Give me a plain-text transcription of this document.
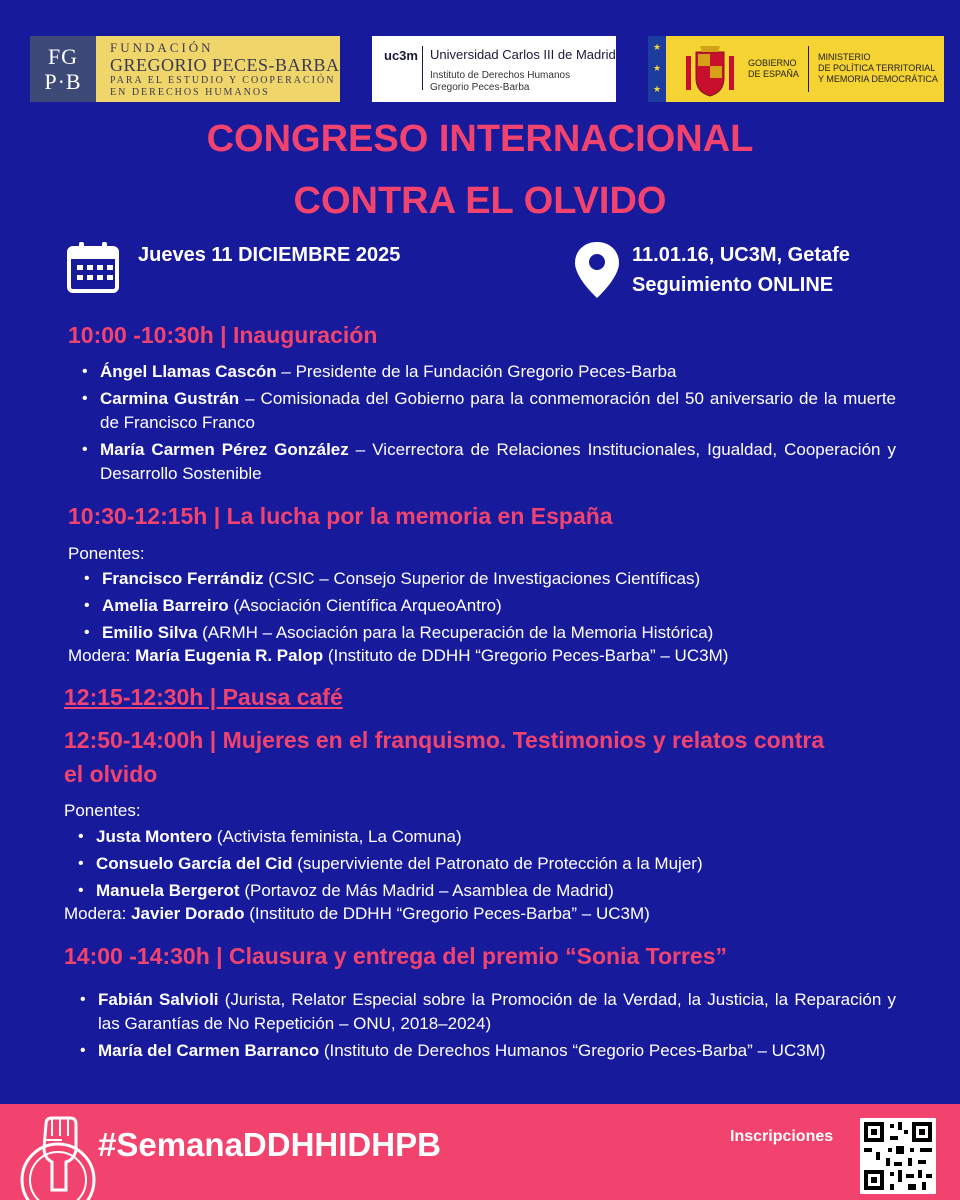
FG
P·B
FUNDACIÓN
GREGORIO PECES-BARBA
PARA EL ESTUDIO Y COOPERACIÓN
EN DERECHOS HUMANOS
uc3m Universidad Carlos III de Madrid
Instituto de Derechos Humanos
Gregorio Peces-Barba
★
★
★
GOBIERNO
DE ESPAÑA
MINISTERIO
DE POLÍTICA TERRITORIAL
Y MEMORIA DEMOCRÁTICA
CONGRESO INTERNACIONAL
CONTRA EL OLVIDO
Jueves 11 DICIEMBRE 2025	11.01.16, UC3M, Getafe
Seguimiento ONLINE
10:00 -10:30h | Inauguración
• Ángel Llamas Cascón – Presidente de la Fundación Gregorio Peces-Barba
• Carmina Gustrán – Comisionada del Gobierno para la conmemoración del 50 aniversario de la muerte de Francisco Franco
• María Carmen Pérez González – Vicerrectora de Relaciones Institucionales, Igualdad, Cooperación y Desarrollo Sostenible
10:30-12:15h | La lucha por la memoria en España
Ponentes:
• Francisco Ferrándiz (CSIC – Consejo Superior de Investigaciones Científicas)
• Amelia Barreiro (Asociación Científica ArqueoAntro)
• Emilio Silva (ARMH – Asociación para la Recuperación de la Memoria Histórica)
Modera: María Eugenia R. Palop (Instituto de DDHH “Gregorio Peces-Barba” – UC3M)
12:15-12:30h | Pausa café
12:50-14:00h | Mujeres en el franquismo. Testimonios y relatos contra
el olvido
Ponentes:
• Justa Montero (Activista feminista, La Comuna)
• Consuelo García del Cid (superviviente del Patronato de Protección a la Mujer)
• Manuela Bergerot (Portavoz de Más Madrid – Asamblea de Madrid)
Modera: Javier Dorado (Instituto de DDHH “Gregorio Peces-Barba” – UC3M)
14:00 -14:30h | Clausura y entrega del premio “Sonia Torres”
• Fabián Salvioli (Jurista, Relator Especial sobre la Promoción de la Verdad, la Justicia, la Reparación y las Garantías de No Repetición – ONU, 2018–2024)
• María del Carmen Barranco (Instituto de Derechos Humanos “Gregorio Peces-Barba” – UC3M)
#SemanaDDHHIDHPB	Inscripciones
